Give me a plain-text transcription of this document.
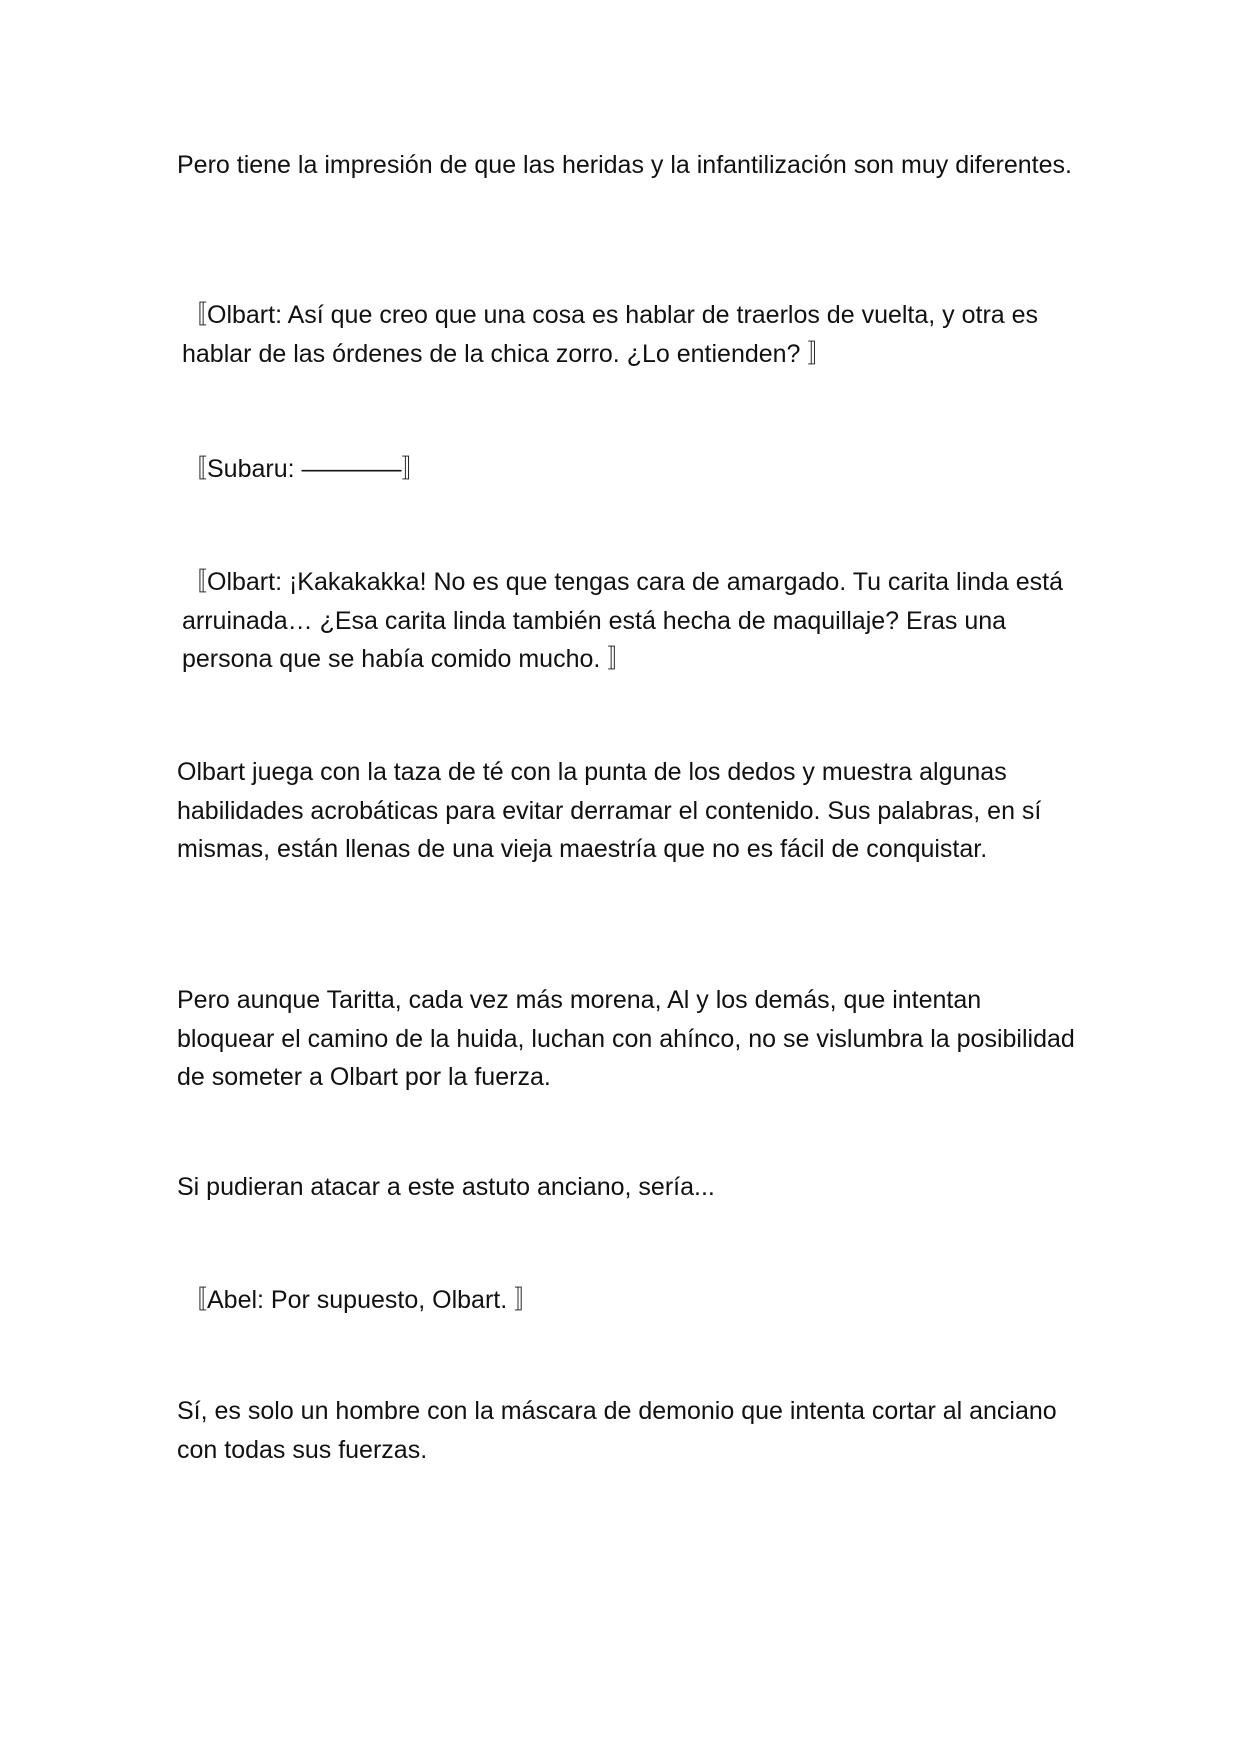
Pero tiene la impresión de que las heridas y la infantilización son muy diferentes.

〚Olbart: Así que creo que una cosa es hablar de traerlos de vuelta, y otra es hablar de las órdenes de la chica zorro. ¿Lo entienden? 〛

〚Subaru: ————〛

〚Olbart: ¡Kakakakka! No es que tengas cara de amargado. Tu carita linda está arruinada… ¿Esa carita linda también está hecha de maquillaje? Eras una persona que se había comido mucho. 〛

Olbart juega con la taza de té con la punta de los dedos y muestra algunas habilidades acrobáticas para evitar derramar el contenido. Sus palabras, en sí mismas, están llenas de una vieja maestría que no es fácil de conquistar.

Pero aunque Taritta, cada vez más morena, Al y los demás, que intentan bloquear el camino de la huida, luchan con ahínco, no se vislumbra la posibilidad de someter a Olbart por la fuerza.

Si pudieran atacar a este astuto anciano, sería...

〚Abel: Por supuesto, Olbart. 〛

Sí, es solo un hombre con la máscara de demonio que intenta cortar al anciano con todas sus fuerzas.
